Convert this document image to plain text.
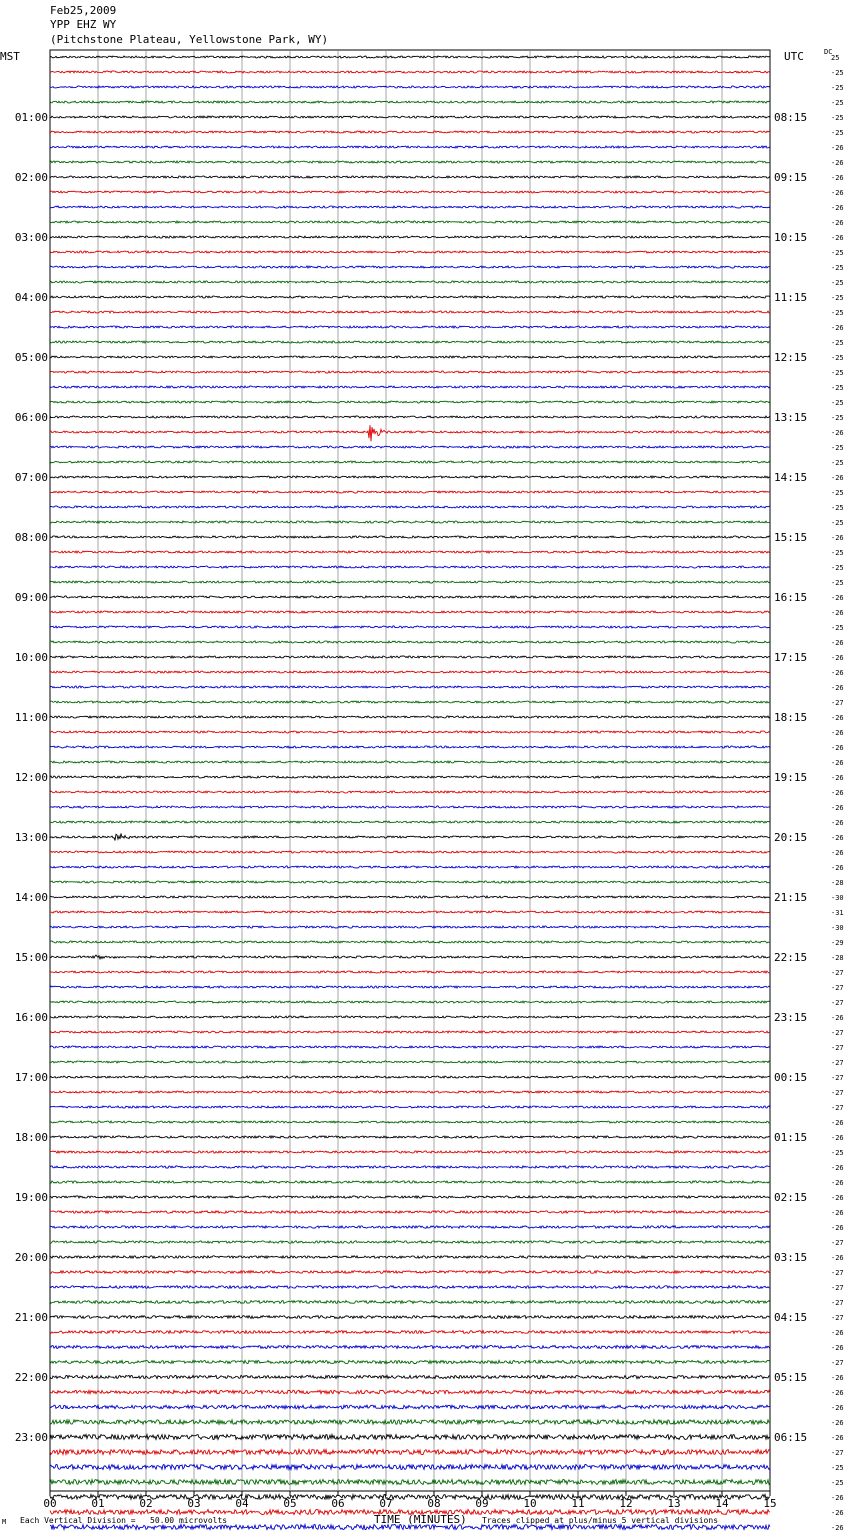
Feb25,2009
YPP EHZ WY
(Pitchstone Plateau, Yellowstone Park, WY)
MST	UTC	DC
01:00
02:00
03:00
04:00
05:00
06:00
07:00
08:00
09:00
10:00
11:00
12:00
13:00
14:00
15:00
16:00
17:00
18:00
19:00
20:00
21:00
22:00
23:00
08:15
09:15
10:15
11:15
12:15
13:15
14:15
15:15
16:15
17:15
18:15
19:15
20:15
21:15
22:15
23:15
00:15
01:15
02:15
03:15
04:15
05:15
06:15
25
-25
-25
-25
-25
-25
-26
-26
-26
-26
-26
-26
-26
-25
-25
-25
-25
-25
-26
-25
-25
-25
-25
-25
-25
-26
-25
-25
-26
-25
-25
-25
-26
-25
-25
-25
-26
-26
-25
-26
-26
-26
-26
-27
-26
-26
-26
-26
-26
-26
-26
-26
-26
-26
-26
-28
-30
-31
-30
-29
-28
-27
-27
-27
-26
-27
-27
-27
-27
-27
-27
-26
-26
-25
-26
-26
-26
-26
-26
-27
-26
-27
-27
-27
-27
-26
-26
-27
-26
-26
-26
-26
-26
-27
-25
-25
-26
-26
-26
00	01	02	03	04	05	06	07	08	09	10	11	12	13	14	15
M Each Vertical Division =   50.00 microvolts	TIME (MINUTES) Traces clipped at plus/minus 5 vertical divisions
